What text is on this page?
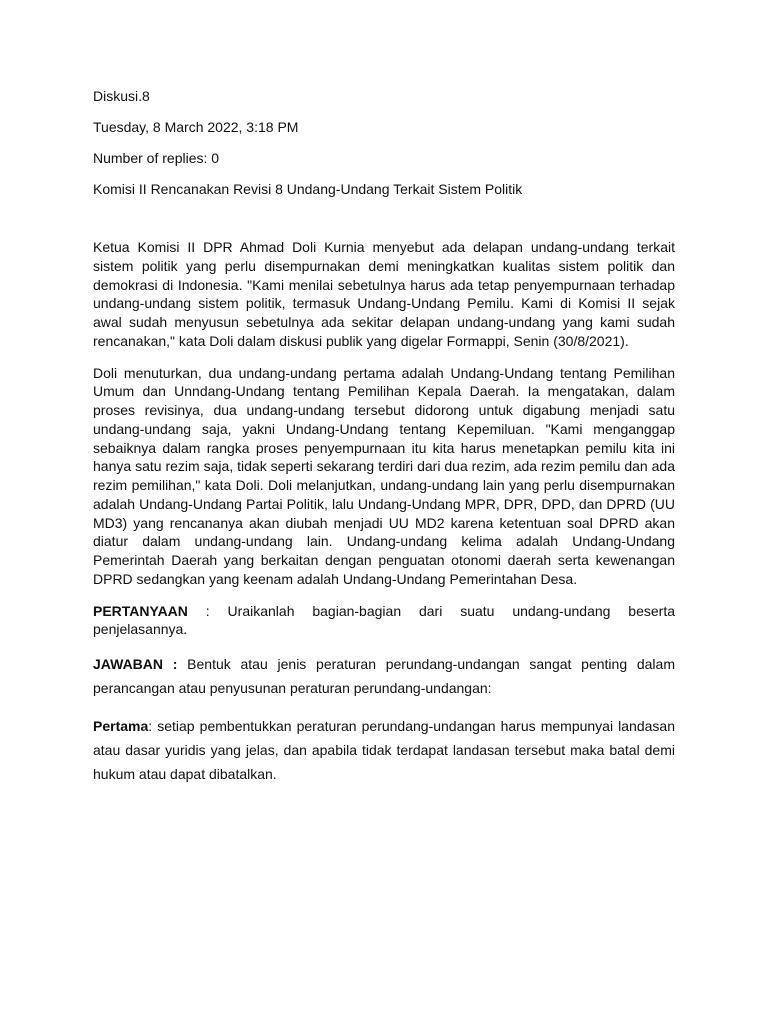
Diskusi.8
Tuesday, 8 March 2022, 3:18 PM
Number of replies: 0
Komisi II Rencanakan Revisi 8 Undang-Undang Terkait Sistem Politik

Ketua Komisi II DPR Ahmad Doli Kurnia menyebut ada delapan undang-undang terkait sistem politik yang perlu disempurnakan demi meningkatkan kualitas sistem politik dan demokrasi di Indonesia. "Kami menilai sebetulnya harus ada tetap penyempurnaan terhadap undang-undang sistem politik, termasuk Undang-Undang Pemilu. Kami di Komisi II sejak awal sudah menyusun sebetulnya ada sekitar delapan undang-undang yang kami sudah rencanakan," kata Doli dalam diskusi publik yang digelar Formappi, Senin (30/8/2021).

Doli menuturkan, dua undang-undang pertama adalah Undang-Undang tentang Pemilihan Umum dan Unndang-Undang tentang Pemilihan Kepala Daerah. Ia mengatakan, dalam proses revisinya, dua undang-undang tersebut didorong untuk digabung menjadi satu undang-undang saja, yakni Undang-Undang tentang Kepemiluan. "Kami menganggap sebaiknya dalam rangka proses penyempurnaan itu kita harus menetapkan pemilu kita ini hanya satu rezim saja, tidak seperti sekarang terdiri dari dua rezim, ada rezim pemilu dan ada rezim pemilihan," kata Doli. Doli melanjutkan, undang-undang lain yang perlu disempurnakan adalah Undang-Undang Partai Politik, lalu Undang-Undang MPR, DPR, DPD, dan DPRD (UU MD3) yang rencananya akan diubah menjadi UU MD2 karena ketentuan soal DPRD akan diatur dalam undang-undang lain. Undang-undang kelima adalah Undang-Undang Pemerintah Daerah yang berkaitan dengan penguatan otonomi daerah serta kewenangan DPRD sedangkan yang keenam adalah Undang-Undang Pemerintahan Desa.

PERTANYAAN : Uraikanlah bagian-bagian dari suatu undang-undang beserta penjelasannya.

JAWABAN : Bentuk atau jenis peraturan perundang-undangan sangat penting dalam perancangan atau penyusunan peraturan perundang-undangan:

Pertama: setiap pembentukkan peraturan perundang-undangan harus mempunyai landasan atau dasar yuridis yang jelas, dan apabila tidak terdapat landasan tersebut maka batal demi hukum atau dapat dibatalkan.
